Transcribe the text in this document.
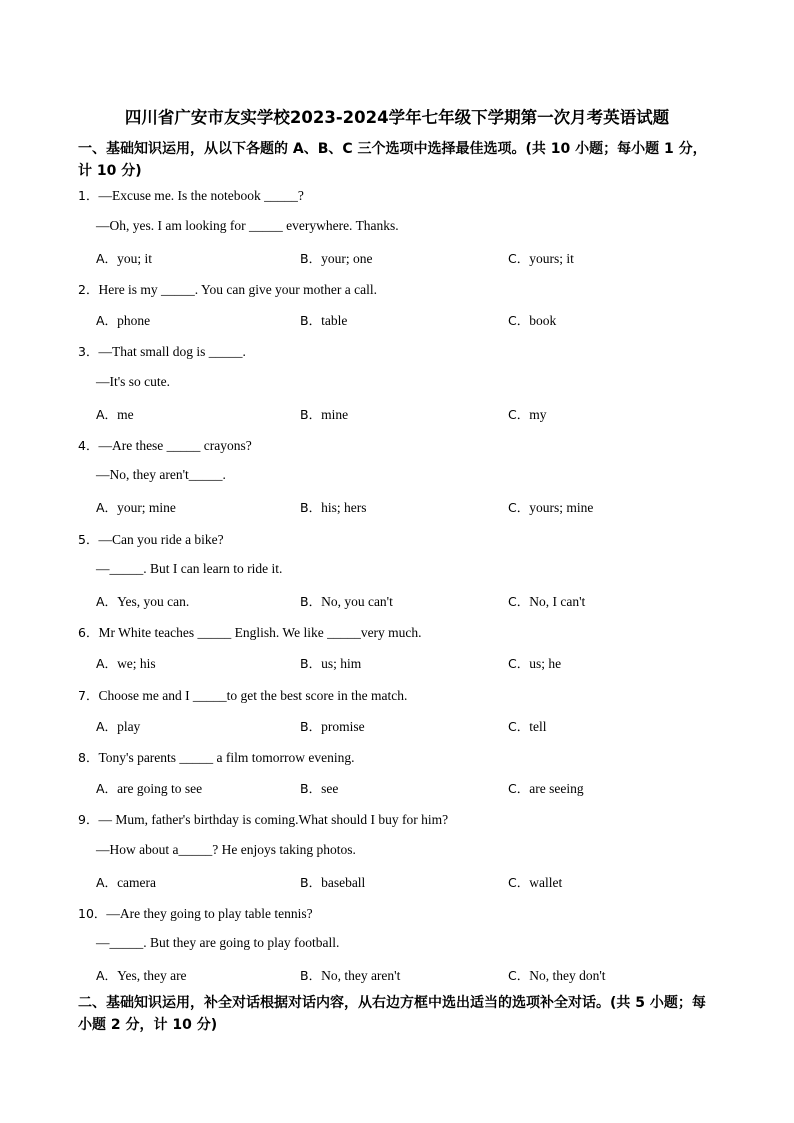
四川省广安市友实学校2023-2024学年七年级下学期第一次月考英语试题
一、基础知识运用，从以下各题的 A、B、C 三个选项中选择最佳选项。(共 10 小题；每小题 1 分，计 10 分)
1．—Excuse me. Is the notebook _____?
—Oh, yes. I am looking for _____ everywhere. Thanks.
A．you; it	B．your; one	C．yours; it
2．Here is my _____. You can give your mother a call.
A．phone	B．table	C．book
3．—That small dog is _____.
—It's so cute.
A．me	B．mine	C．my
4．—Are these _____ crayons?
—No, they aren't_____.
A．your; mine	B．his; hers	C．yours; mine
5．—Can you ride a bike?
—_____. But I can learn to ride it.
A．Yes, you can.	B．No, you can't	C．No, I can't
6．Mr White teaches _____ English. We like _____very much.
A．we; his	B．us; him	C．us; he
7．Choose me and I _____to get the best score in the match.
A．play	B．promise	C．tell
8．Tony's parents _____ a film tomorrow evening.
A．are going to see	B．see	C．are seeing
9．— Mum, father's birthday is coming.What should I buy for him?
—How about a_____? He enjoys taking photos.
A．camera	B．baseball	C．wallet
10．—Are they going to play table tennis?
—_____. But they are going to play football.
A．Yes, they are	B．No, they aren't	C．No, they don't
二、基础知识运用，补全对话根据对话内容，从右边方框中选出适当的选项补全对话。(共 5 小题；每小题 2 分，计 10 分)
